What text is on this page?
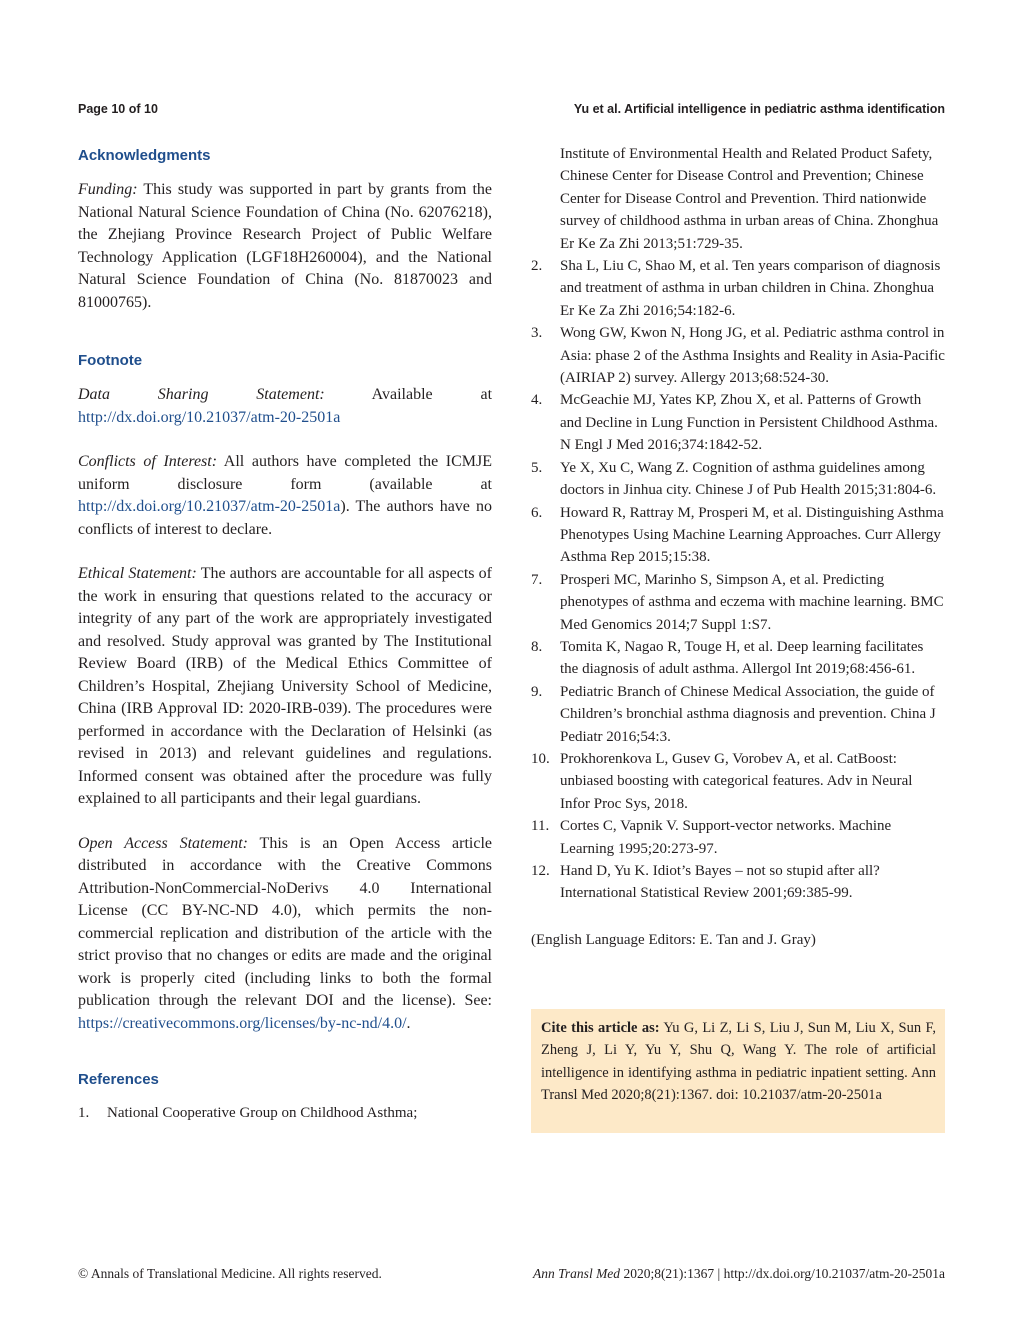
Page 10 of 10	Yu et al. Artificial intelligence in pediatric asthma identification
Acknowledgments

Funding: This study was supported in part by grants from the National Natural Science Foundation of China (No. 62076218), the Zhejiang Province Research Project of Public Welfare Technology Application (LGF18H260004), and the National Natural Science Foundation of China (No. 81870023 and 81000765).

Footnote

Data Sharing Statement: Available at http://dx.doi.org/10.21037/atm-20-2501a

Conflicts of Interest: All authors have completed the ICMJE uniform disclosure form (available at http://dx.doi.org/10.21037/atm-20-2501a). The authors have no conflicts of interest to declare.

Ethical Statement: The authors are accountable for all aspects of the work in ensuring that questions related to the accuracy or integrity of any part of the work are appropriately investigated and resolved. Study approval was granted by The Institutional Review Board (IRB) of the Medical Ethics Committee of Children’s Hospital, Zhejiang University School of Medicine, China (IRB Approval ID: 2020-IRB-039). The procedures were performed in accordance with the Declaration of Helsinki (as revised in 2013) and relevant guidelines and regulations. Informed consent was obtained after the procedure was fully explained to all participants and their legal guardians.

Open Access Statement: This is an Open Access article distributed in accordance with the Creative Commons Attribution-NonCommercial-NoDerivs 4.0 International License (CC BY-NC-ND 4.0), which permits the non-commercial replication and distribution of the article with the strict proviso that no changes or edits are made and the original work is properly cited (including links to both the formal publication through the relevant DOI and the license). See: https://creativecommons.org/licenses/by-nc-nd/4.0/.

References
1.	National Cooperative Group on Childhood Asthma;

Institute of Environmental Health and Related Product Safety, Chinese Center for Disease Control and Prevention; Chinese Center for Disease Control and Prevention. Third nationwide survey of childhood asthma in urban areas of China. Zhonghua Er Ke Za Zhi 2013;51:729-35.

2.	Sha L, Liu C, Shao M, et al. Ten years comparison of diagnosis and treatment of asthma in urban children in China. Zhonghua Er Ke Za Zhi 2016;54:182-6.
3.	Wong GW, Kwon N, Hong JG, et al. Pediatric asthma control in Asia: phase 2 of the Asthma Insights and Reality in Asia-Pacific (AIRIAP 2) survey. Allergy 2013;68:524-30.
4.	McGeachie MJ, Yates KP, Zhou X, et al. Patterns of Growth and Decline in Lung Function in Persistent Childhood Asthma. N Engl J Med 2016;374:1842-52.
5.	Ye X, Xu C, Wang Z. Cognition of asthma guidelines among doctors in Jinhua city. Chinese J of Pub Health 2015;31:804-6.
6.	Howard R, Rattray M, Prosperi M, et al. Distinguishing Asthma Phenotypes Using Machine Learning Approaches. Curr Allergy Asthma Rep 2015;15:38.
7.	Prosperi MC, Marinho S, Simpson A, et al. Predicting phenotypes of asthma and eczema with machine learning. BMC Med Genomics 2014;7 Suppl 1:S7.
8.	Tomita K, Nagao R, Touge H, et al. Deep learning facilitates the diagnosis of adult asthma. Allergol Int 2019;68:456-61.
9.	Pediatric Branch of Chinese Medical Association, the guide of Children’s bronchial asthma diagnosis and prevention. China J Pediatr 2016;54:3.
10. Prokhorenkova L, Gusev G, Vorobev A, et al. CatBoost: unbiased boosting with categorical features. Adv in Neural Infor Proc Sys, 2018.
11. Cortes C, Vapnik V. Support-vector networks. Machine Learning 1995;20:273-97.
12. Hand D, Yu K. Idiot’s Bayes – not so stupid after all? International Statistical Review 2001;69:385-99.

(English Language Editors: E. Tan and J. Gray)

Cite this article as: Yu G, Li Z, Li S, Liu J, Sun M, Liu X, Sun F, Zheng J, Li Y, Yu Y, Shu Q, Wang Y. The role of artificial intelligence in identifying asthma in pediatric inpatient setting. Ann Transl Med 2020;8(21):1367. doi: 10.21037/atm-20-2501a

© Annals of Translational Medicine. All rights reserved.	Ann Transl Med 2020;8(21):1367 | http://dx.doi.org/10.21037/atm-20-2501a
